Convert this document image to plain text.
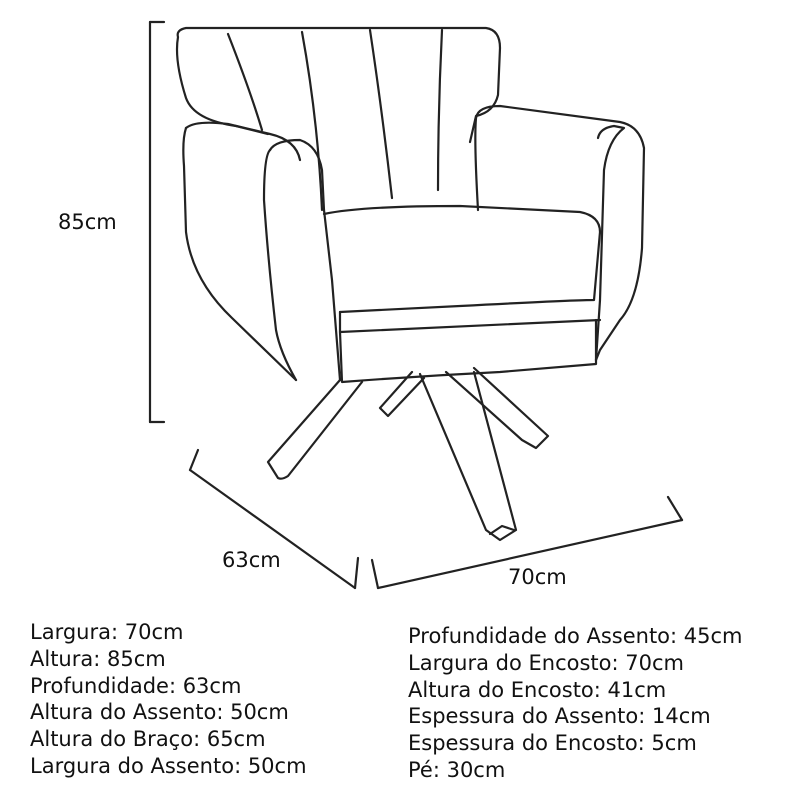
85cm
63cm
70cm
Largura: 70cm
Altura: 85cm
Profundidade: 63cm
Altura do Assento: 50cm
Altura do Braço: 65cm
Largura do Assento: 50cm
Profundidade do Assento: 45cm
Largura do Encosto: 70cm
Altura do Encosto: 41cm
Espessura do Assento: 14cm
Espessura do Encosto: 5cm
Pé: 30cm
